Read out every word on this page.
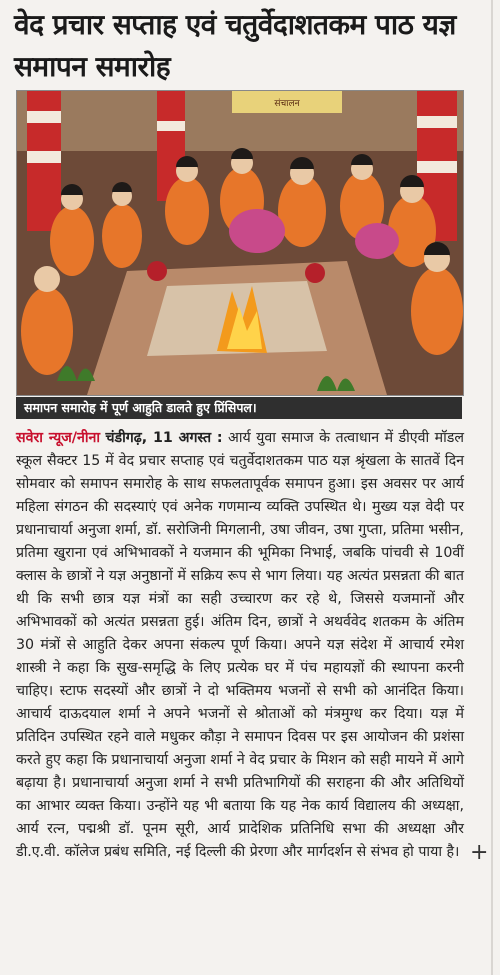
वेद प्रचार सप्ताह एवं चतुर्वेदाशतकम पाठ यज्ञ समापन समारोह
संचालन
समापन समारोह में पूर्ण आहुति डालते हुए प्रिंसिपल।
सवेरा न्यूज/नीना चंडीगढ़, 11 अगस्त : आर्य युवा समाज के तत्वाधान में डीएवी मॉडल स्कूल सैक्टर 15 में वेद प्रचार सप्ताह एवं चतुर्वेदाशतकम पाठ यज्ञ श्रृंखला के सातवें दिन सोमवार को समापन समारोह के साथ सफलतापूर्वक समापन हुआ। इस अवसर पर आर्य महिला संगठन की सदस्याएं एवं अनेक गणमान्य व्यक्ति उपस्थित थे। मुख्य यज्ञ वेदी पर प्रधानाचार्या अनुजा शर्मा, डॉ. सरोजिनी मिगलानी, उषा जीवन, उषा गुप्ता, प्रतिमा भसीन, प्रतिमा खुराना एवं अभिभावकों ने यजमान की भूमिका निभाई, जबकि पांचवी से 10वीं क्लास के छात्रों ने यज्ञ अनुष्ठानों में सक्रिय रूप से भाग लिया। यह अत्यंत प्रसन्नता की बात थी कि सभी छात्र यज्ञ मंत्रों का सही उच्चारण कर रहे थे, जिससे यजमानों और अभिभावकों को अत्यंत प्रसन्नता हुई। अंतिम दिन, छात्रों ने अथर्ववेद शतकम के अंतिम 30 मंत्रों से आहुति देकर अपना संकल्प पूर्ण किया। अपने यज्ञ संदेश में आचार्य रमेश शास्त्री ने कहा कि सुख-समृद्धि के लिए प्रत्येक घर में पंच महायज्ञों की स्थापना करनी चाहिए। स्टाफ सदस्यों और छात्रों ने दो भक्तिमय भजनों से सभी को आनंदित किया। आचार्य दाऊदयाल शर्मा ने अपने भजनों से श्रोताओं को मंत्रमुग्ध कर दिया। यज्ञ में प्रतिदिन उपस्थित रहने वाले मधुकर कौड़ा ने समापन दिवस पर इस आयोजन की प्रशंसा करते हुए कहा कि प्रधानाचार्या अनुजा शर्मा ने वेद प्रचार के मिशन को सही मायने में आगे बढ़ाया है। प्रधानाचार्या अनुजा शर्मा ने सभी प्रतिभागियों की सराहना की और अतिथियों का आभार व्यक्त किया। उन्होंने यह भी बताया कि यह नेक कार्य विद्यालय की अध्यक्षा, आर्य रत्न, पद्मश्री डॉ. पूनम सूरी, आर्य प्रादेशिक प्रतिनिधि सभा की अध्यक्षा और डी.ए.वी. कॉलेज प्रबंध समिति, नई दिल्ली की प्रेरणा और मार्गदर्शन से संभव हो पाया है। +
